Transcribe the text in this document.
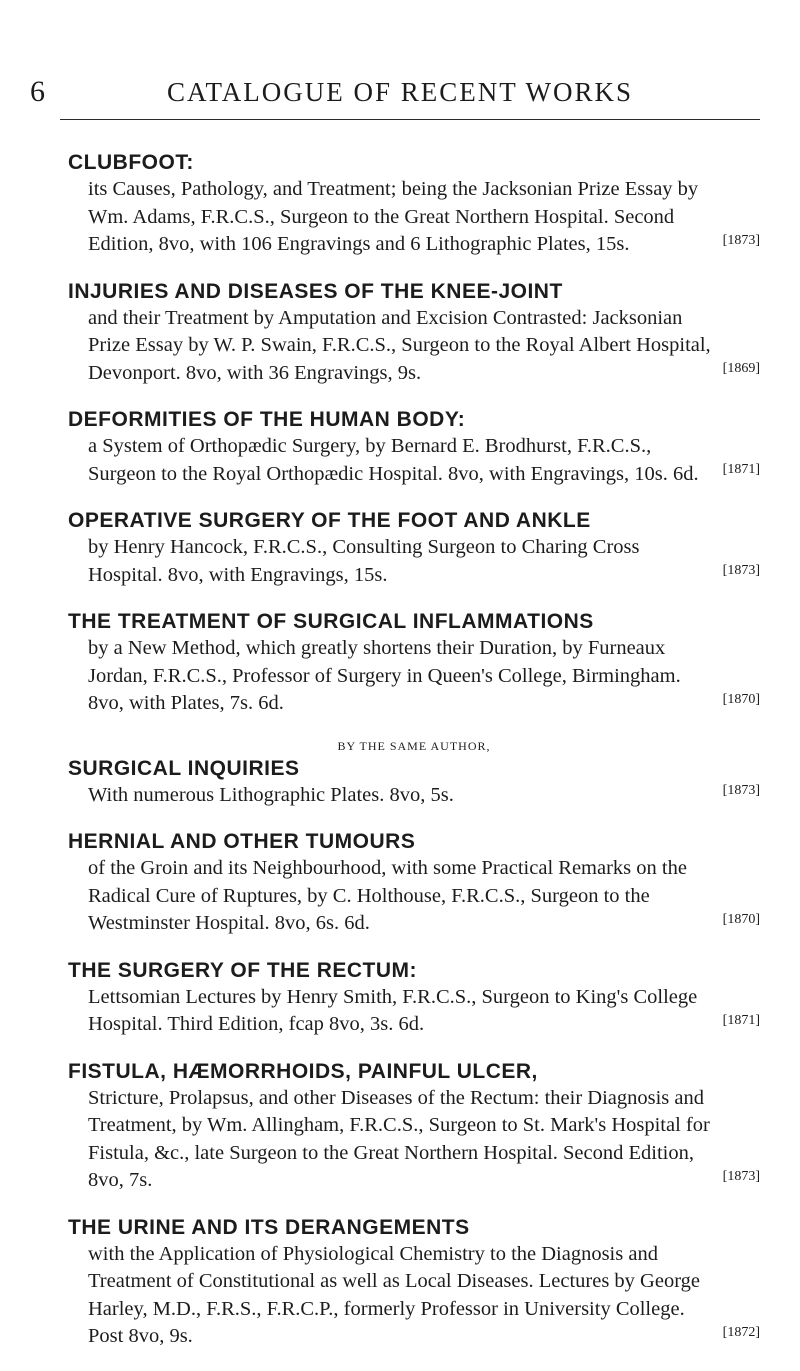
6	CATALOGUE OF RECENT WORKS

CLUBFOOT:

its Causes, Pathology, and Treatment; being the Jacksonian Prize Essay by Wm. Adams, F.R.C.S., Surgeon to the Great Northern Hospital. Second Edition, 8vo, with 106 Engravings and 6 Lithographic Plates, 15s.	[1873]

INJURIES AND DISEASES OF THE KNEE-JOINT

and their Treatment by Amputation and Excision Contrasted: Jacksonian Prize Essay by W. P. Swain, F.R.C.S., Surgeon to the Royal Albert Hospital, Devonport. 8vo, with 36 Engravings, 9s.	[1869]

DEFORMITIES OF THE HUMAN BODY:

a System of Orthopædic Surgery, by Bernard E. Brodhurst, F.R.C.S., Surgeon to the Royal Orthopædic Hospital. 8vo, with Engravings, 10s. 6d. [1871]

OPERATIVE SURGERY OF THE FOOT AND ANKLE

by Henry Hancock, F.R.C.S., Consulting Surgeon to Charing Cross Hospital. 8vo, with Engravings, 15s.	[1873]

THE TREATMENT OF SURGICAL INFLAMMATIONS

by a New Method, which greatly shortens their Duration, by Furneaux Jordan, F.R.C.S., Professor of Surgery in Queen's College, Birmingham. 8vo, with Plates, 7s. 6d.	[1870]

BY THE SAME AUTHOR,

SURGICAL INQUIRIES

With numerous Lithographic Plates. 8vo, 5s.	[1873]

HERNIAL AND OTHER TUMOURS

of the Groin and its Neighbourhood, with some Practical Remarks on the Radical Cure of Ruptures, by C. Holthouse, F.R.C.S., Surgeon to the Westminster Hospital. 8vo, 6s. 6d.	[1870]

THE SURGERY OF THE RECTUM:

Lettsomian Lectures by Henry Smith, F.R.C.S., Surgeon to King's College Hospital. Third Edition, fcap 8vo, 3s. 6d.	[1871]

FISTULA, HÆMORRHOIDS, PAINFUL ULCER,

Stricture, Prolapsus, and other Diseases of the Rectum: their Diagnosis and Treatment, by Wm. Allingham, F.R.C.S., Surgeon to St. Mark's Hospital for Fistula, &c., late Surgeon to the Great Northern Hospital. Second Edition, 8vo, 7s.	[1873]

THE URINE AND ITS DERANGEMENTS

with the Application of Physiological Chemistry to the Diagnosis and Treatment of Constitutional as well as Local Diseases. Lectures by George Harley, M.D., F.R.S., F.R.C.P., formerly Professor in University College. Post 8vo, 9s.	[1872]
